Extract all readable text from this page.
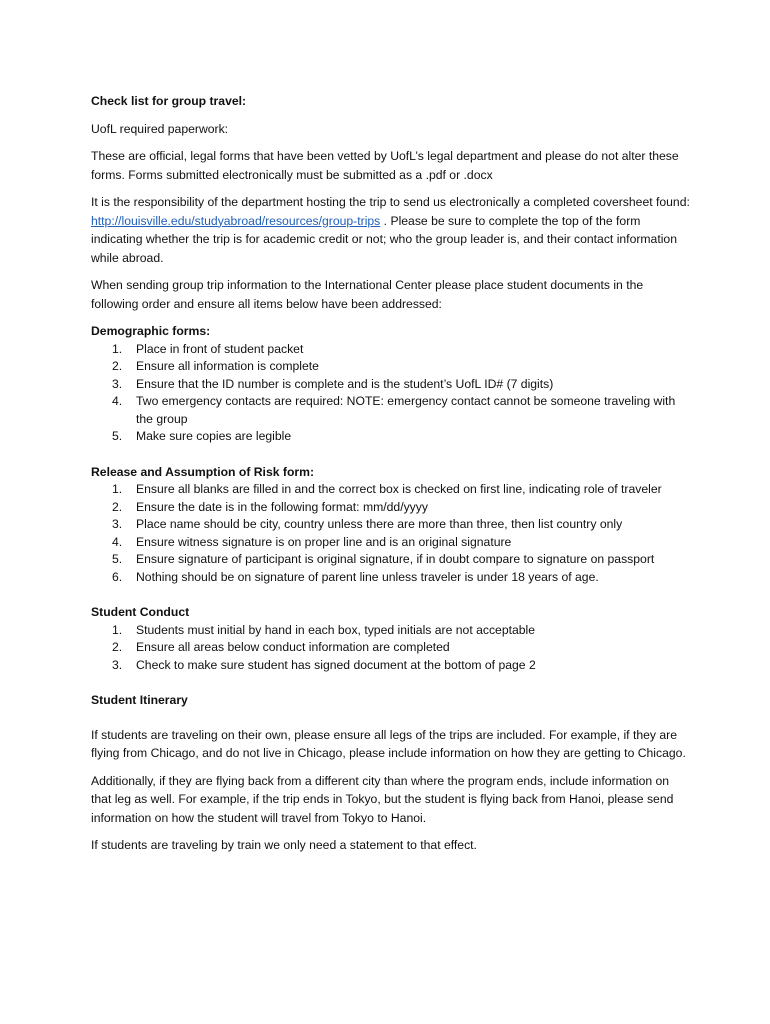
Check list for group travel:

UofL required paperwork:

These are official, legal forms that have been vetted by UofL’s legal department and please do not alter these forms. Forms submitted electronically must be submitted as a .pdf or .docx

It is the responsibility of the department hosting the trip to send us electronically a completed coversheet found: http://louisville.edu/studyabroad/resources/group-trips . Please be sure to complete the top of the form indicating whether the trip is for academic credit or not; who the group leader is, and their contact information while abroad.

When sending group trip information to the International Center please place student documents in the following order and ensure all items below have been addressed:

Demographic forms:
1.	Place in front of student packet
2.	Ensure all information is complete
3.	Ensure that the ID number is complete and is the student’s UofL ID# (7 digits)
4.	Two emergency contacts are required: NOTE: emergency contact cannot be someone traveling with the group
5.	Make sure copies are legible
Release and Assumption of Risk form:
1.	Ensure all blanks are filled in and the correct box is checked on first line, indicating role of traveler
2.	Ensure the date is in the following format: mm/dd/yyyy
3.	Place name should be city, country unless there are more than three, then list country only
4.	Ensure witness signature is on proper line and is an original signature
5.	Ensure signature of participant is original signature, if in doubt compare to signature on passport
6.	Nothing should be on signature of parent line unless traveler is under 18 years of age.
Student Conduct
1.	Students must initial by hand in each box, typed initials are not acceptable
2.	Ensure all areas below conduct information are completed
3.	Check to make sure student has signed document at the bottom of page 2
Student Itinerary

If students are traveling on their own, please ensure all legs of the trips are included. For example, if they are flying from Chicago, and do not live in Chicago, please include information on how they are getting to Chicago.

Additionally, if they are flying back from a different city than where the program ends, include information on that leg as well. For example, if the trip ends in Tokyo, but the student is flying back from Hanoi, please send information on how the student will travel from Tokyo to Hanoi.

If students are traveling by train we only need a statement to that effect.
